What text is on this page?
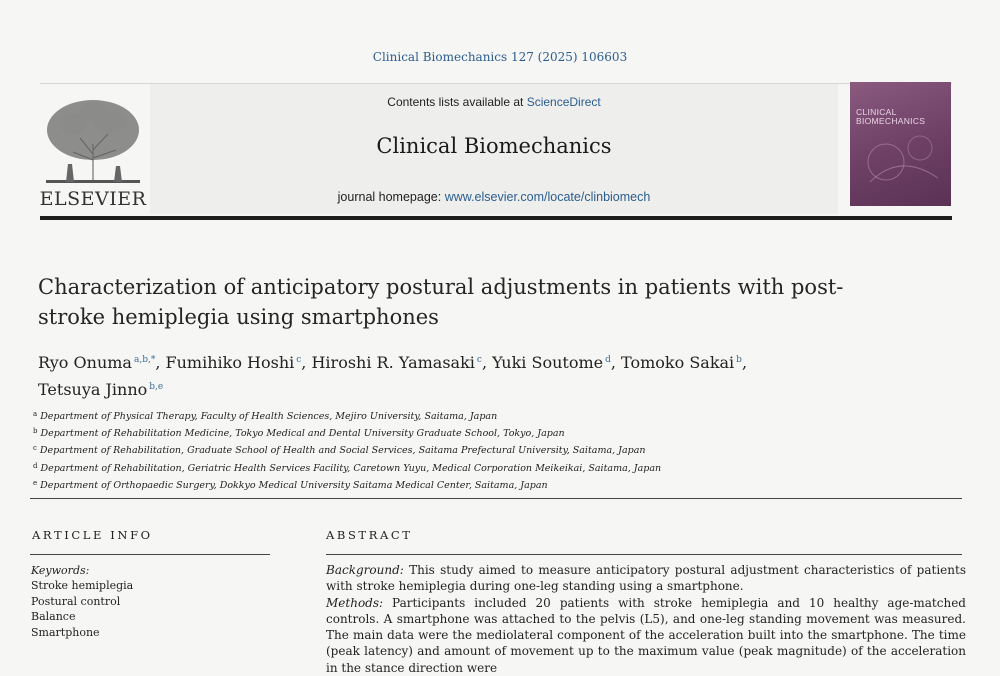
Clinical Biomechanics 127 (2025) 106603
ELSEVIER
Contents lists available at ScienceDirect
Clinical Biomechanics
journal homepage: www.elsevier.com/locate/clinbiomech
CLINICAL BIOMECHANICS
Characterization of anticipatory postural adjustments in patients with post-stroke hemiplegia using smartphones
Ryo Onuma $^{a,b,*}$, Fumihiko Hoshi $^c$, Hiroshi R. Yamasaki $^c$, Yuki Soutome $^d$, Tomoko Sakai $^b$,
Tetsuya Jinno $^{b,e}$
$^a$ Department of Physical Therapy, Faculty of Health Sciences, Mejiro University, Saitama, Japan
$^b$ Department of Rehabilitation Medicine, Tokyo Medical and Dental University Graduate School, Tokyo, Japan
$^c$ Department of Rehabilitation, Graduate School of Health and Social Services, Saitama Prefectural University, Saitama, Japan
$^d$ Department of Rehabilitation, Geriatric Health Services Facility, Caretown Yuyu, Medical Corporation Meikeikai, Saitama, Japan
$^e$ Department of Orthopaedic Surgery, Dokkyo Medical University Saitama Medical Center, Saitama, Japan
ARTICLE INFO
Keywords:
Stroke hemiplegia
Postural control
Balance
Smartphone
ABSTRACT
Background: This study aimed to measure anticipatory postural adjustment characteristics of patients with stroke hemiplegia during one-leg standing using a smartphone.
Methods: Participants included 20 patients with stroke hemiplegia and 10 healthy age-matched controls. A smartphone was attached to the pelvis (L5), and one-leg standing movement was measured. The main data were the mediolateral component of the acceleration built into the smartphone. The time (peak latency) and amount of movement up to the maximum value (peak magnitude) of the acceleration in the stance direction were
